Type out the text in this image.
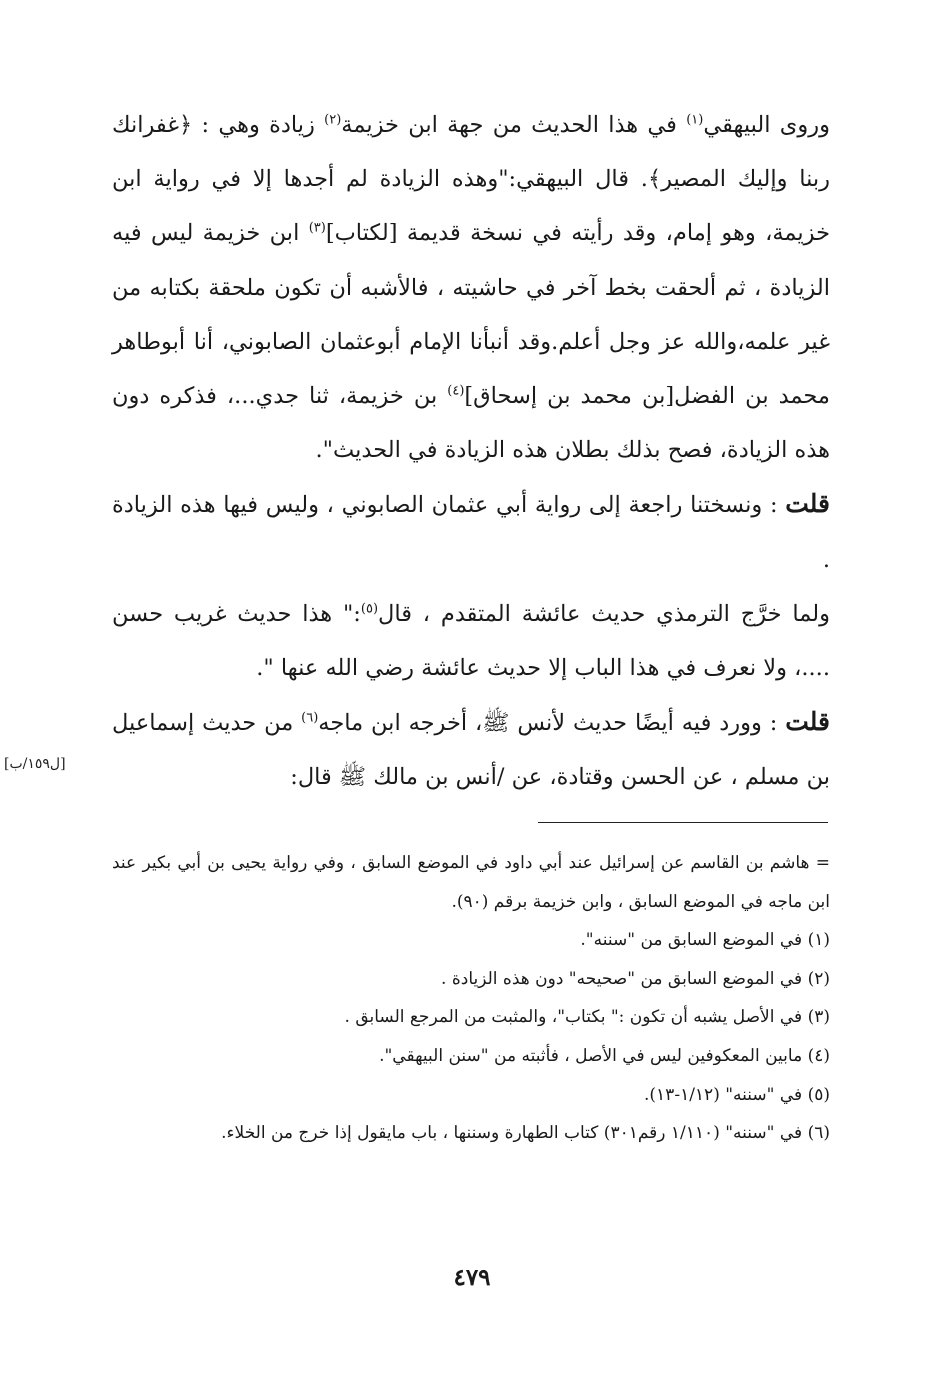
وروى البيهقي$^{(١)}$ في هذا الحديث من جهة ابن خزيمة$^{(٢)}$ زيادة وهي : ﴿غفرانك ربنا وإليك المصير﴾. قال البيهقي:"وهذه الزيادة لم أجدها إلا في رواية ابن خزيمة، وهو إمام، وقد رأيته في نسخة قديمة [لكتاب]$^{(٣)}$ ابن خزيمة ليس فيه الزيادة ، ثم ألحقت بخط آخر في حاشيته ، فالأشبه أن تكون ملحقة بكتابه من غير علمه،والله عز وجل أعلم.وقد أنبأنا الإمام أبوعثمان الصابوني، أنا أبوطاهر محمد بن الفضل[بن محمد بن إسحاق]$^{(٤)}$ بن خزيمة، ثنا جدي...، فذكره دون هذه الزيادة، فصح بذلك بطلان هذه الزيادة في الحديث".

قلت : ونسختنا راجعة إلى رواية أبي عثمان الصابوني ، وليس فيها هذه الزيادة .

ولما خرَّج الترمذي حديث عائشة المتقدم ، قال$^{(٥)}$:" هذا حديث غريب حسن ....، ولا نعرف في هذا الباب إلا حديث عائشة رضي الله عنها ".

قلت : وورد فيه أيضًا حديث لأنس ﷺ، أخرجه ابن ماجه$^{(٦)}$ من حديث إسماعيل بن مسلم ، عن الحسن وقتادة، عن /أنس بن مالك ﷺ قال:

[ل١٥٩/ب]

= هاشم بن القاسم عن إسرائيل عند أبي داود في الموضع السابق ، وفي رواية يحيى بن أبي بكير عند ابن ماجه في الموضع السابق ، وابن خزيمة برقم (٩٠).

(١) في الموضع السابق من "سننه".

(٢) في الموضع السابق من "صحيحه" دون هذه الزيادة .

(٣) في الأصل يشبه أن تكون :" بكتاب"، والمثبت من المرجع السابق .

(٤) مابين المعكوفين ليس في الأصل ، فأثبته من "سنن البيهقي".

(٥) في "سننه" (١/١٢-١٣).

(٦) في "سننه" (١/١١٠ رقم٣٠١) كتاب الطهارة وسننها ، باب مايقول إذا خرج من الخلاء.

٤٧٩
